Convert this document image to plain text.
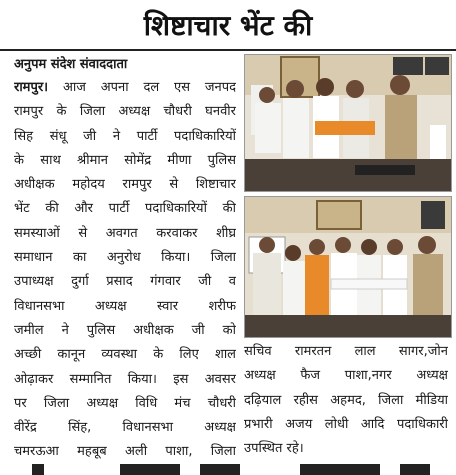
शिष्टाचार भेंट की
अनुपम संदेश संवाददाता
रामपुर। आज अपना दल एस जनपद
रामपुर के जिला अध्यक्ष चौधरी घनवीर
सिह संधू जी ने पार्टी पदाधिकारियों
के साथ श्रीमान सोमेंद्र मीणा पुलिस
अधीक्षक महोदय रामपुर से शिष्टाचार
भेंट की और पार्टी पदाधिकारियों की
समस्याओं से अवगत करवाकर शीघ्र
समाधान का अनुरोध किया। जिला
उपाध्यक्ष दुर्गा प्रसाद गंगवार जी व
विधानसभा अध्यक्ष स्वार शरीफ
जमील ने पुलिस अधीक्षक जी को
अच्छी कानून व्यवस्था के लिए शाल
ओढ़ाकर सम्मानित किया। इस अवसर
पर जिला अध्यक्ष विधि मंच चौधरी
वीरेंद्र सिंह, विधानसभा अध्यक्ष
चमरऊआ महबूब अली पाशा, जिला
सचिव रामरतन लाल सागर,जोन
अध्यक्ष फैज पाशा,नगर अध्यक्ष
दढ़ियाल रहीस अहमद, जिला मीडिया
प्रभारी अजय लोधी आदि पदाधिकारी
उपस्थित रहे।
